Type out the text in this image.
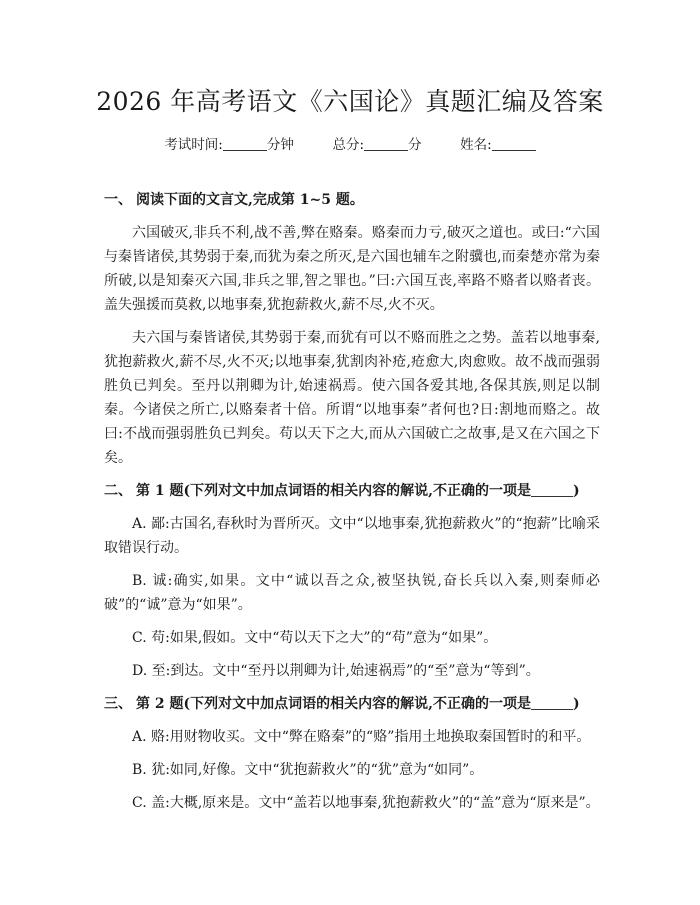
2026 年高考语文《六国论》真题汇编及答案
考试时间:	分钟	总分:	分	姓名:
一、 阅读下面的文言文,完成第 1~5 题。

六国破灭,非兵不利,战不善,弊在赂秦。赂秦而力亏,破灭之道也。或曰:“六国与秦皆诸侯,其势弱于秦,而犹为秦之所灭,是六国也辅车之附骥也,而秦楚亦常为秦所破,以是知秦灭六国,非兵之罪,智之罪也。”曰:六国互丧,率路不赂者以赂者丧。盖失强援而莫救,以地事秦,犹抱薪救火,薪不尽,火不灭。

夫六国与秦皆诸侯,其势弱于秦,而犹有可以不赂而胜之之势。盖若以地事秦,犹抱薪救火,薪不尽,火不灭;以地事秦,犹割肉补疮,疮愈大,肉愈败。故不战而强弱胜负已判矣。至丹以荆卿为计,始速祸焉。使六国各爱其地,各保其族,则足以制秦。今诸侯之所亡,以赂秦者十倍。所谓“以地事秦”者何也?日:割地而赂之。故曰:不战而强弱胜负已判矣。苟以天下之大,而从六国破亡之故事,是又在六国之下矣。

二、 第 1 题(下列对文中加点词语的相关内容的解说,不正确的一项是	)

A. 鄙:古国名,春秋时为晋所灭。文中“以地事秦,犹抱薪救火”的“抱薪”比喻采取错误行动。

B. 诚:确实,如果。文中“诚以吾之众,被坚执锐,奋长兵以入秦,则秦师必破”的“诚”意为“如果”。

C. 苟:如果,假如。文中“苟以天下之大”的“苟”意为“如果”。

D. 至:到达。文中“至丹以荆卿为计,始速祸焉”的“至”意为“等到”。

三、 第 2 题(下列对文中加点词语的相关内容的解说,不正确的一项是	)

A. 赂:用财物收买。文中“弊在赂秦”的“赂”指用土地换取秦国暂时的和平。

B. 犹:如同,好像。文中“犹抱薪救火”的“犹”意为“如同”。

C. 盖:大概,原来是。文中“盖若以地事秦,犹抱薪救火”的“盖”意为“原来是”。
